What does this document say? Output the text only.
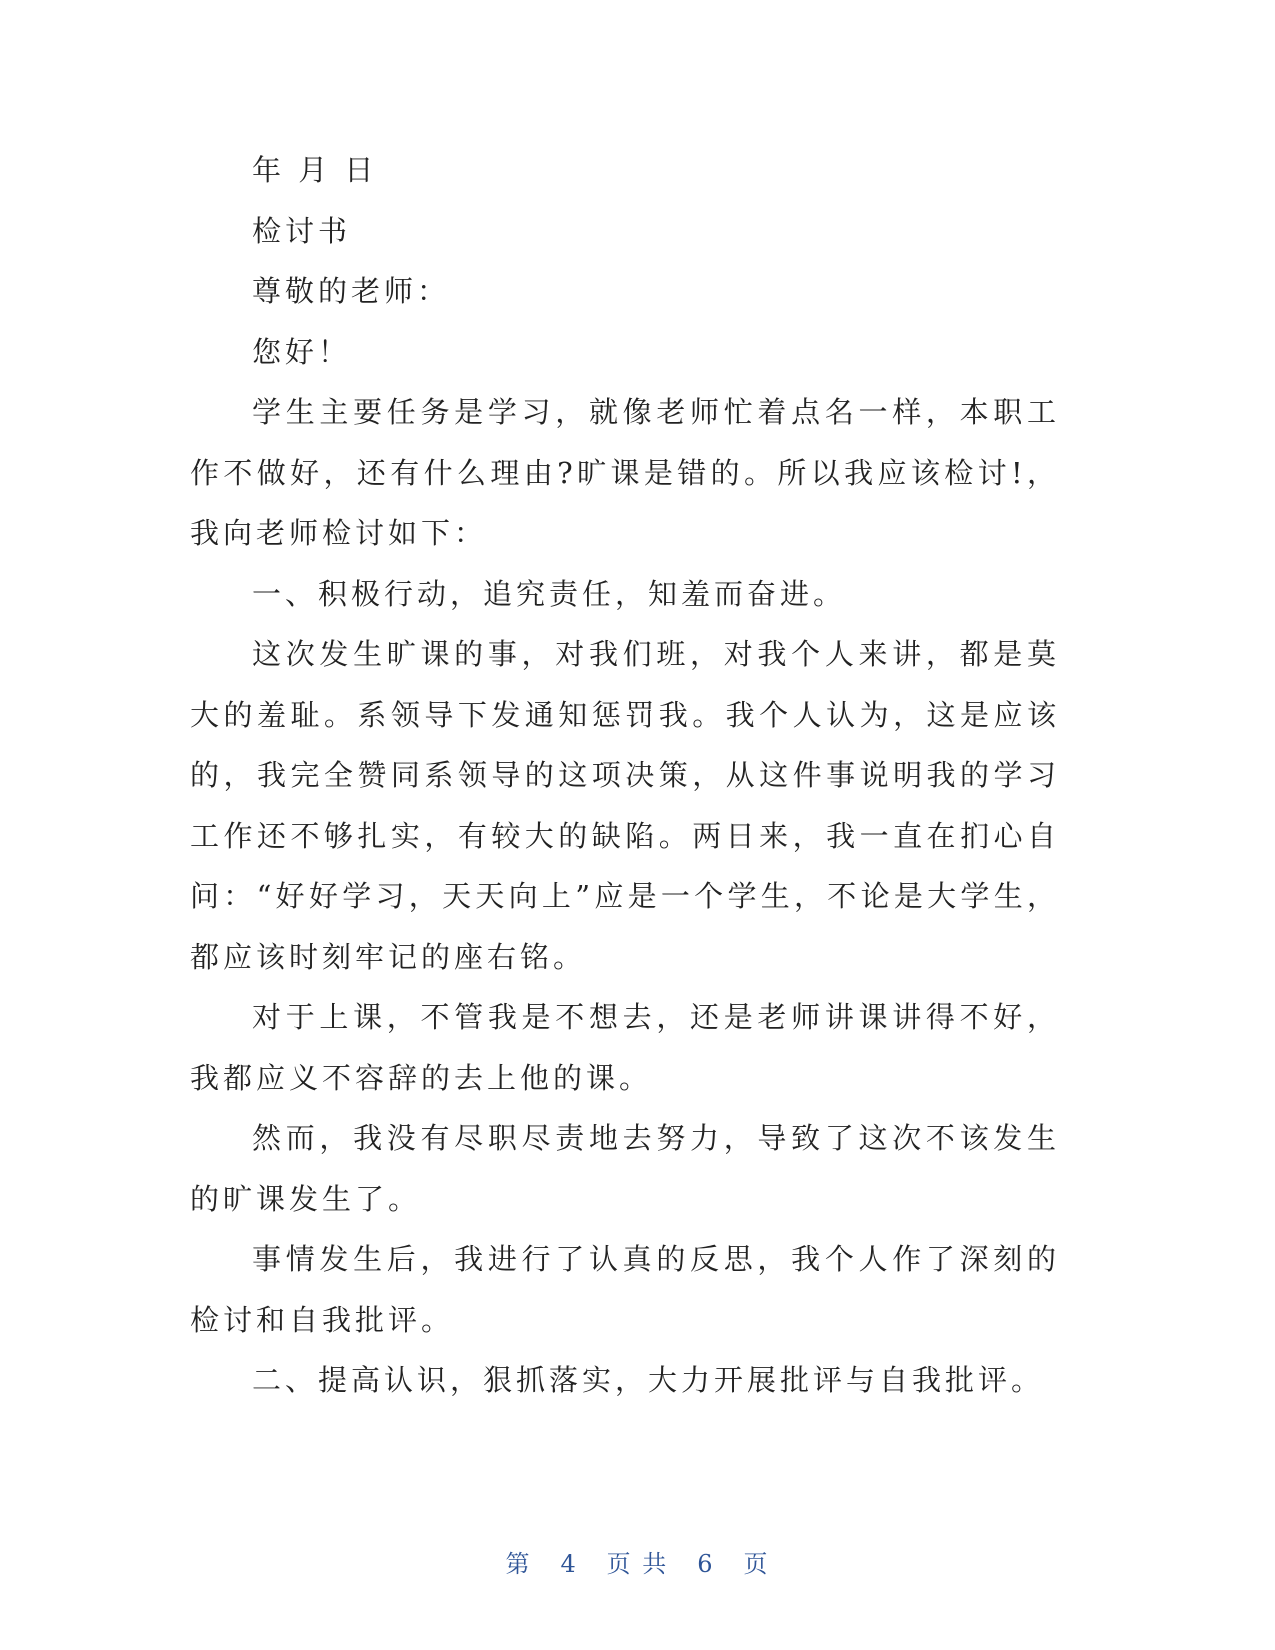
年 月 日

检讨书

尊敬的老师：

您好！

学生主要任务是学习，就像老师忙着点名一样，本职工作不做好，还有什么理由?旷课是错的。所以我应该检讨!，我向老师检讨如下：

一、积极行动，追究责任，知羞而奋进。

这次发生旷课的事，对我们班，对我个人来讲，都是莫大的羞耻。系领导下发通知惩罚我。我个人认为，这是应该的，我完全赞同系领导的这项决策，从这件事说明我的学习工作还不够扎实，有较大的缺陷。两日来，我一直在扪心自问：“好好学习，天天向上”应是一个学生，不论是大学生，都应该时刻牢记的座右铭。

对于上课，不管我是不想去，还是老师讲课讲得不好，我都应义不容辞的去上他的课。

然而，我没有尽职尽责地去努力，导致了这次不该发生的旷课发生了。

事情发生后，我进行了认真的反思，我个人作了深刻的检讨和自我批评。

二、提高认识，狠抓落实，大力开展批评与自我批评。

第 4 页 共 6 页
